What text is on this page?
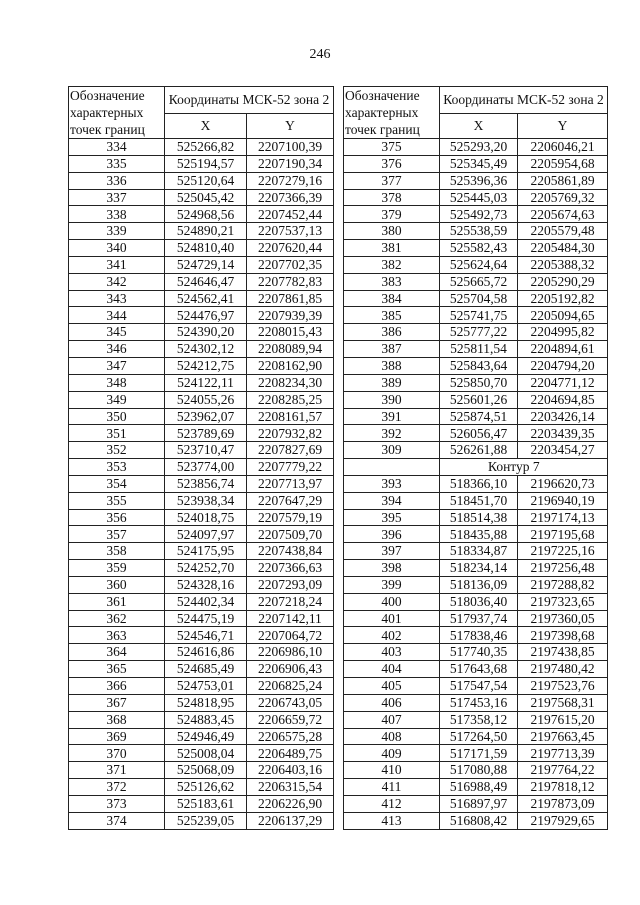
246
Обозначение характерных точек границ	Координаты МСК-52 зона 2	
	X	Y
334	525266,82	2207100,39
335	525194,57	2207190,34
336	525120,64	2207279,16
337	525045,42	2207366,39
338	524968,56	2207452,44
339	524890,21	2207537,13
340	524810,40	2207620,44
341	524729,14	2207702,35
342	524646,47	2207782,83
343	524562,41	2207861,85
344	524476,97	2207939,39
345	524390,20	2208015,43
346	524302,12	2208089,94
347	524212,75	2208162,90
348	524122,11	2208234,30
349	524055,26	2208285,25
350	523962,07	2208161,57
351	523789,69	2207932,82
352	523710,47	2207827,69
353	523774,00	2207779,22
354	523856,74	2207713,97
355	523938,34	2207647,29
356	524018,75	2207579,19
357	524097,97	2207509,70
358	524175,95	2207438,84
359	524252,70	2207366,63
360	524328,16	2207293,09
361	524402,34	2207218,24
362	524475,19	2207142,11
363	524546,71	2207064,72
364	524616,86	2206986,10
365	524685,49	2206906,43
366	524753,01	2206825,24
367	524818,95	2206743,05
368	524883,45	2206659,72
369	524946,49	2206575,28
370	525008,04	2206489,75
371	525068,09	2206403,16
372	525126,62	2206315,54
373	525183,61	2206226,90
374	525239,05	2206137,29
Обозначение характерных точек границ	Координаты МСК-52 зона 2	
	X	Y
375	525293,20	2206046,21
376	525345,49	2205954,68
377	525396,36	2205861,89
378	525445,03	2205769,32
379	525492,73	2205674,63
380	525538,59	2205579,48
381	525582,43	2205484,30
382	525624,64	2205388,32
383	525665,72	2205290,29
384	525704,58	2205192,82
385	525741,75	2205094,65
386	525777,22	2204995,82
387	525811,54	2204894,61
388	525843,64	2204794,20
389	525850,70	2204771,12
390	525601,26	2204694,85
391	525874,51	2203426,14
392	526056,47	2203439,35
309	526261,88	2203454,27
	Контур 7	
393	518366,10	2196620,73
394	518451,70	2196940,19
395	518514,38	2197174,13
396	518435,88	2197195,68
397	518334,87	2197225,16
398	518234,14	2197256,48
399	518136,09	2197288,82
400	518036,40	2197323,65
401	517937,74	2197360,05
402	517838,46	2197398,68
403	517740,35	2197438,85
404	517643,68	2197480,42
405	517547,54	2197523,76
406	517453,16	2197568,31
407	517358,12	2197615,20
408	517264,50	2197663,45
409	517171,59	2197713,39
410	517080,88	2197764,22
411	516988,49	2197818,12
412	516897,97	2197873,09
413	516808,42	2197929,65
